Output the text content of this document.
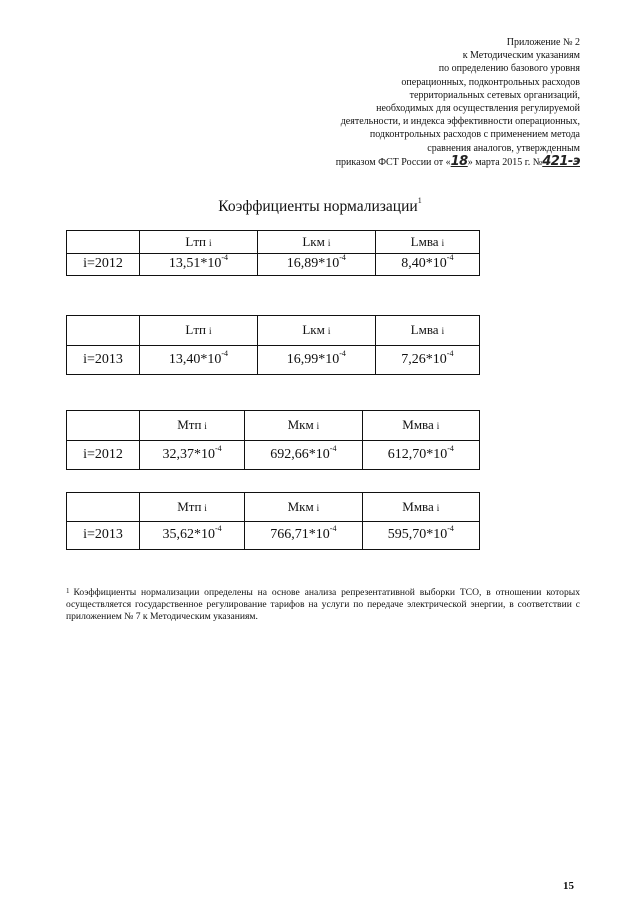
Приложение № 2
к Методическим указаниям
по определению базового уровня
операционных, подконтрольных расходов
территориальных сетевых организаций,
необходимых для осуществления регулируемой
деятельности, и индекса эффективности операционных,
подконтрольных расходов с применением метода
сравнения аналогов, утвержденным
приказом ФСТ России от «18» марта 2015 г. №421-э
Коэффициенты нормализации$^1$
	Lтп i	Lкм i	Lмва i
i=2012	$13,51*10^{-4}$	$16,89*10^{-4}$	$8,40*10^{-4}$
	Lтп i	Lкм i	Lмва i
i=2013	$13,40*10^{-4}$	$16,99*10^{-4}$	$7,26*10^{-4}$
	Мтп i	Мкм i	Ммва i
i=2012	$32,37*10^{-4}$	$692,66*10^{-4}$	$612,70*10^{-4}$
	Мтп i	Мкм i	Ммва i
i=2013	$35,62*10^{-4}$	$766,71*10^{-4}$	$595,70*10^{-4}$
$^1$ Коэффициенты нормализации определены на основе анализа репрезентативной выборки ТСО, в отношении которых осуществляется государственное регулирование тарифов на услуги по передаче электрической энергии, в соответствии с приложением № 7 к Методическим указаниям.
15
